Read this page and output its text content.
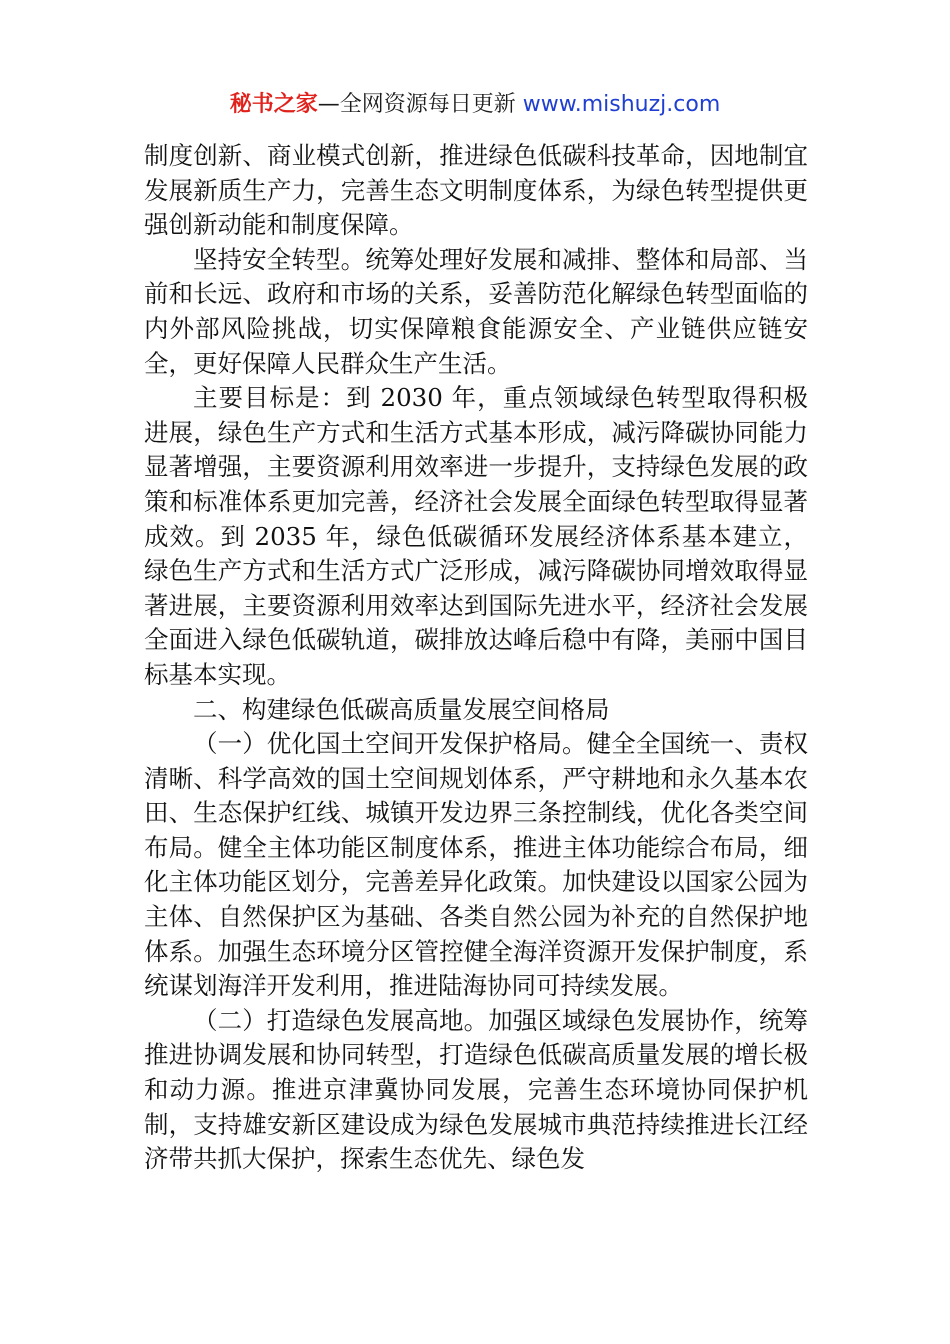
秘书之家—全网资源每日更新 www.mishuzj.com

制度创新、商业模式创新，推进绿色低碳科技革命，因地制宜发展新质生产力，完善生态文明制度体系，为绿色转型提供更强创新动能和制度保障。

坚持安全转型。统筹处理好发展和减排、整体和局部、当前和长远、政府和市场的关系，妥善防范化解绿色转型面临的内外部风险挑战，切实保障粮食能源安全、产业链供应链安全，更好保障人民群众生产生活。

主要目标是：到 2030 年，重点领域绿色转型取得积极进展，绿色生产方式和生活方式基本形成，减污降碳协同能力显著增强，主要资源利用效率进一步提升，支持绿色发展的政策和标准体系更加完善，经济社会发展全面绿色转型取得显著成效。到 2035 年，绿色低碳循环发展经济体系基本建立，绿色生产方式和生活方式广泛形成，减污降碳协同增效取得显著进展，主要资源利用效率达到国际先进水平，经济社会发展全面进入绿色低碳轨道，碳排放达峰后稳中有降，美丽中国目标基本实现。

二、构建绿色低碳高质量发展空间格局

（一）优化国土空间开发保护格局。健全全国统一、责权清晰、科学高效的国土空间规划体系，严守耕地和永久基本农田、生态保护红线、城镇开发边界三条控制线，优化各类空间布局。健全主体功能区制度体系，推进主体功能综合布局，细化主体功能区划分，完善差异化政策。加快建设以国家公园为主体、自然保护区为基础、各类自然公园为补充的自然保护地体系。加强生态环境分区管控健全海洋资源开发保护制度，系统谋划海洋开发利用，推进陆海协同可持续发展。

（二）打造绿色发展高地。加强区域绿色发展协作，统筹推进协调发展和协同转型，打造绿色低碳高质量发展的增长极和动力源。推进京津冀协同发展，完善生态环境协同保护机制，支持雄安新区建设成为绿色发展城市典范持续推进长江经济带共抓大保护，探索生态优先、绿色发
